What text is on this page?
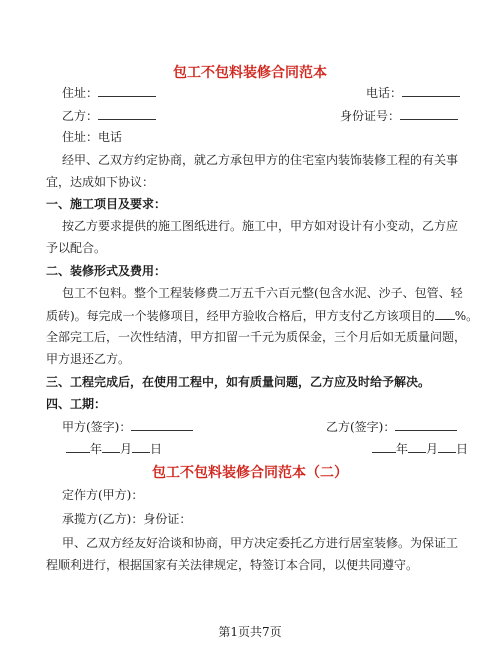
包工不包料装修合同范本
住址：	电话：
乙方：	身份证号：
住址：电话
经甲、乙双方约定协商，就乙方承包甲方的住宅室内装饰装修工程的有关事
宜，达成如下协议：
一、施工项目及要求：
按乙方要求提供的施工图纸进行。施工中，甲方如对设计有小变动，乙方应
予以配合。
二、装修形式及费用：
包工不包料。整个工程装修费二万五千六百元整(包含水泥、沙子、包管、轻
质砖)。每完成一个装修项目，经甲方验收合格后，甲方支付乙方该项目的 %。
全部完工后，一次性结清，甲方扣留一千元为质保金，三个月后如无质量问题，
甲方退还乙方。
三、工程完成后，在使用工程中，如有质量问题，乙方应及时给予解决。
四、工期：
甲方(签字)：	乙方(签字)：
年 月 日	年 月 日
包工不包料装修合同范本（二）
定作方(甲方)：
承揽方(乙方)：身份证：
甲、乙双方经友好洽谈和协商，甲方决定委托乙方进行居室装修。为保证工
程顺利进行，根据国家有关法律规定，特签订本合同，以便共同遵守。
第1页共7页
